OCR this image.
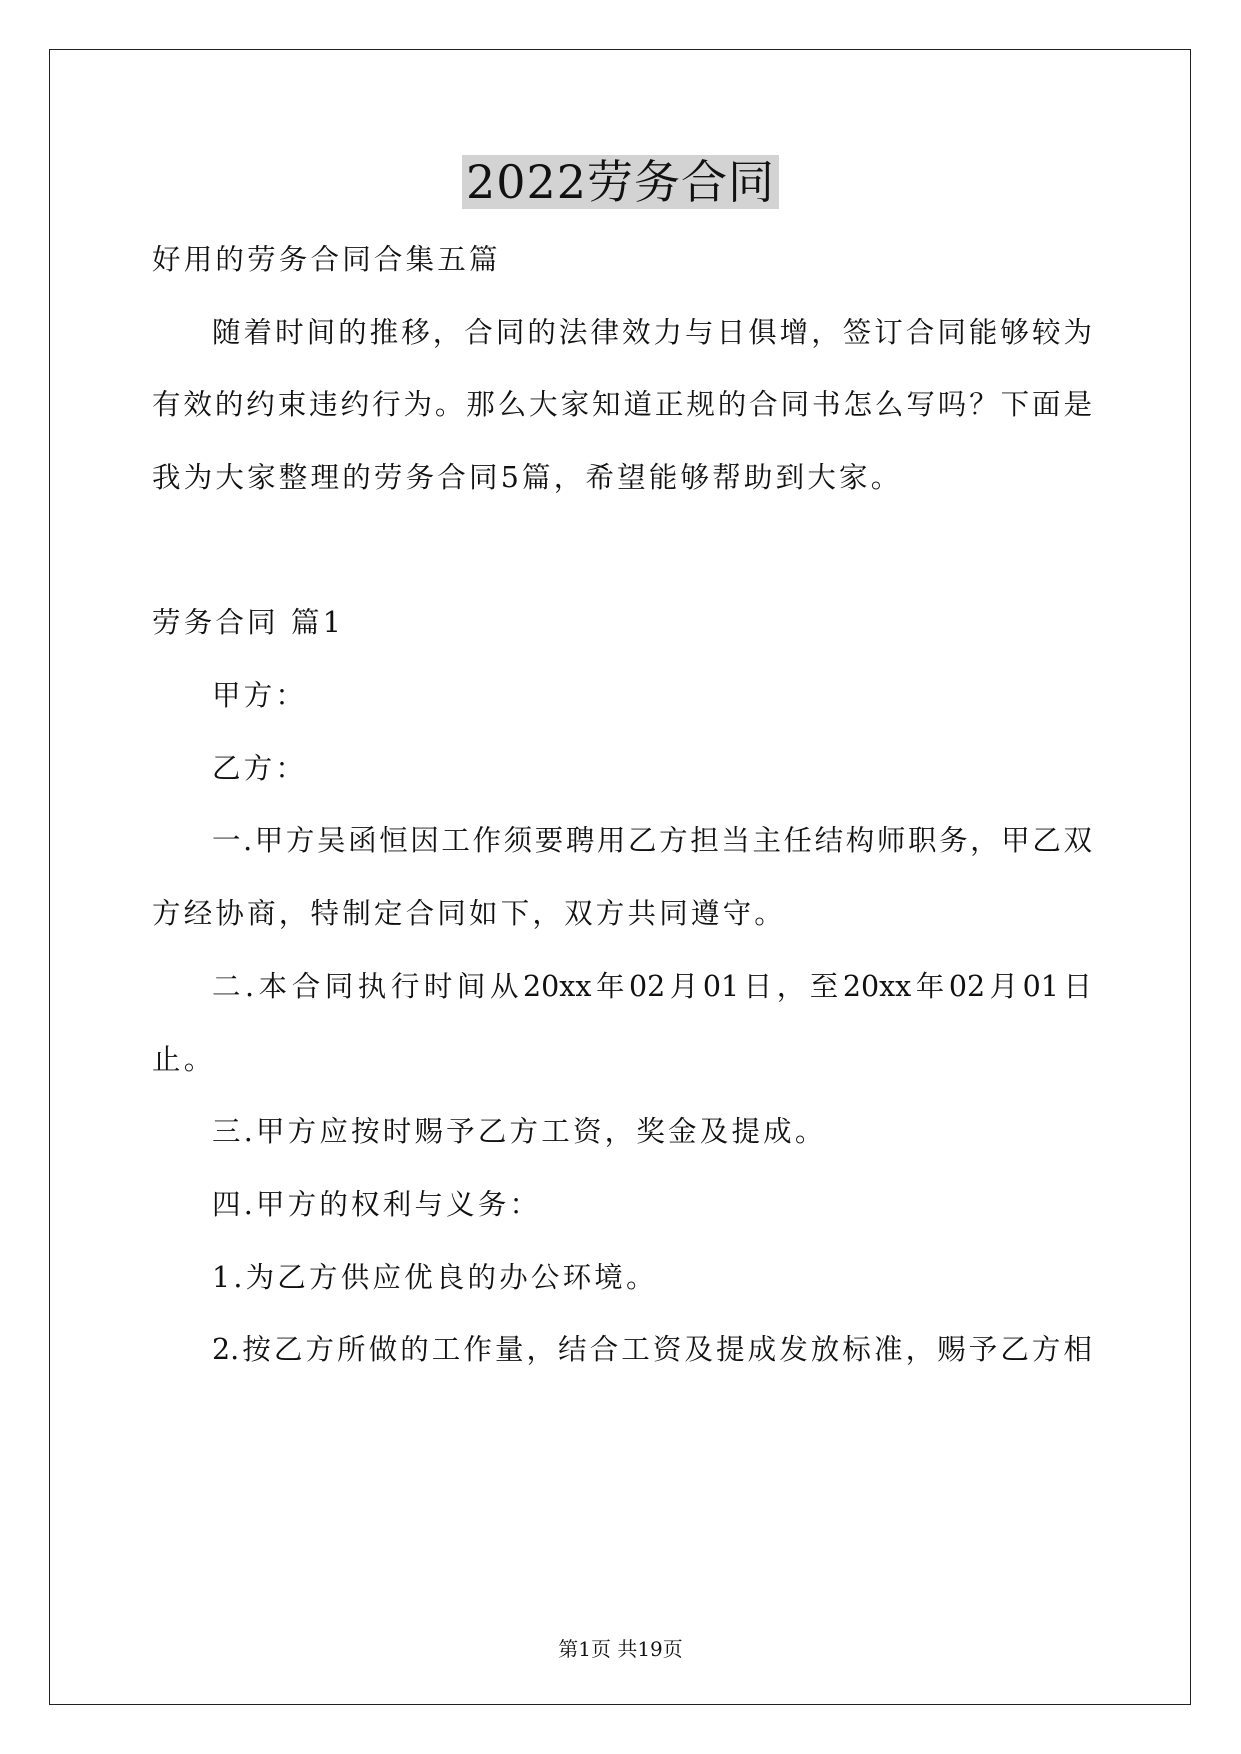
2022劳务合同
好用的劳务合同合集五篇
随着时间的推移，合同的法律效力与日俱增，签订合同能够较为
有效的约束违约行为。那么大家知道正规的合同书怎么写吗？下面是
我为大家整理的劳务合同5篇，希望能够帮助到大家。
劳务合同 篇1
甲方：
乙方：
一.甲方吴函恒因工作须要聘用乙方担当主任结构师职务，甲乙双
方经协商，特制定合同如下，双方共同遵守。
二.本合同执行时间从20xx年02月01日，至20xx年02月01日
止。
三.甲方应按时赐予乙方工资，奖金及提成。
四.甲方的权利与义务：
1.为乙方供应优良的办公环境。
2.按乙方所做的工作量，结合工资及提成发放标准，赐予乙方相
第1页 共19页
